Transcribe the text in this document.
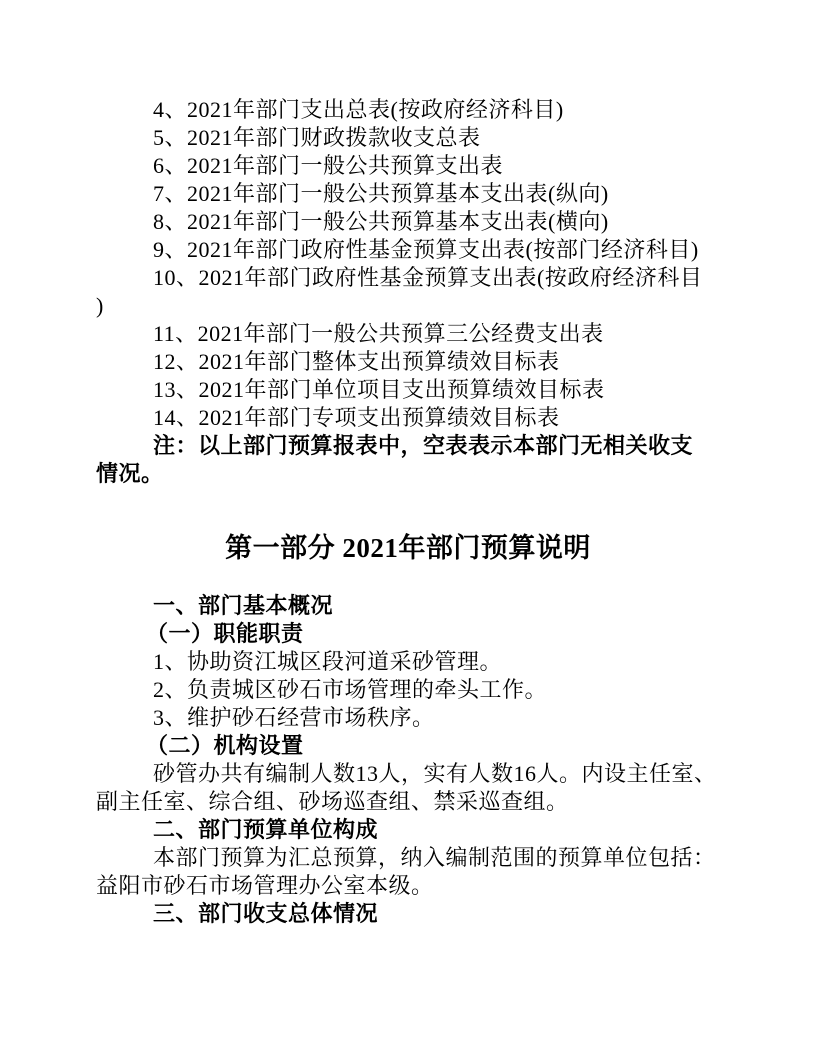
4、2021年部门支出总表(按政府经济科目)

5、2021年部门财政拨款收支总表

6、2021年部门一般公共预算支出表

7、2021年部门一般公共预算基本支出表(纵向)

8、2021年部门一般公共预算基本支出表(横向)

9、2021年部门政府性基金预算支出表(按部门经济科目)

10、2021年部门政府性基金预算支出表(按政府经济科目

)

11、2021年部门一般公共预算三公经费支出表

12、2021年部门整体支出预算绩效目标表

13、2021年部门单位项目支出预算绩效目标表

14、2021年部门专项支出预算绩效目标表

注：以上部门预算报表中，空表表示本部门无相关收支

情况。

第一部分 2021年部门预算说明

一、部门基本概况

（一）职能职责

1、协助资江城区段河道采砂管理。

2、负责城区砂石市场管理的牵头工作。

3、维护砂石经营市场秩序。

（二）机构设置

砂管办共有编制人数13人，实有人数16人。内设主任室、

副主任室、综合组、砂场巡查组、禁采巡查组。

二、部门预算单位构成

本部门预算为汇总预算，纳入编制范围的预算单位包括：

益阳市砂石市场管理办公室本级。

三、部门收支总体情况
